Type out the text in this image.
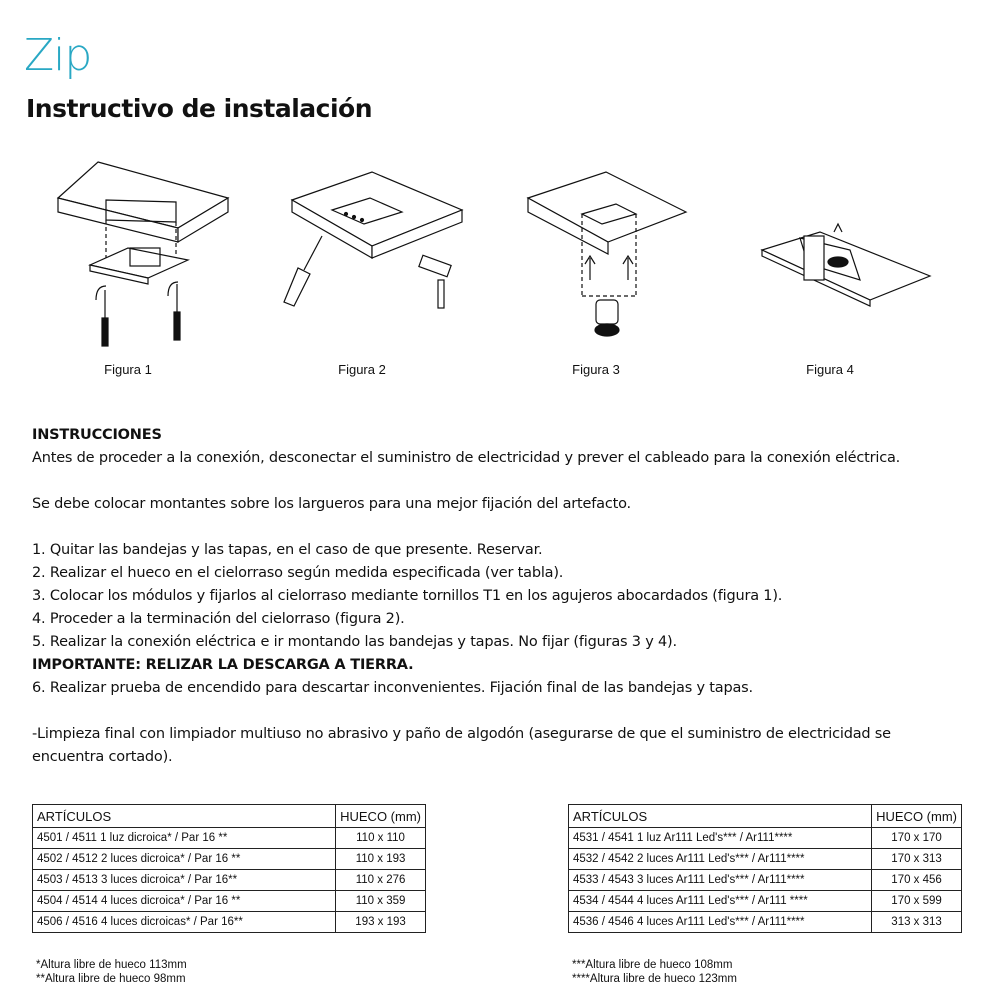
Zip
Instructivo de instalación
Figura 1	Figura 2	Figura 3	Figura 4

INSTRUCCIONES

Antes de proceder a la conexión, desconectar el suministro de electricidad y prever el cableado para la conexión eléctrica.

Se debe colocar montantes sobre los largueros para una mejor fijación del artefacto.

1. Quitar las bandejas y las tapas, en el caso de que presente. Reservar.

2. Realizar el hueco en el cielorraso según medida especificada (ver tabla).

3. Colocar los módulos y fijarlos al cielorraso mediante tornillos T1 en los agujeros abocardados (figura 1).

4. Proceder a la terminación del cielorraso (figura 2).

5. Realizar la conexión eléctrica e ir montando las bandejas y tapas. No fijar (figuras 3 y 4).

IMPORTANTE: RELIZAR LA DESCARGA A TIERRA.

6. Realizar prueba de encendido para descartar inconvenientes. Fijación final de las bandejas y tapas.

-Limpieza final con limpiador multiuso no abrasivo y paño de algodón (asegurarse de que el suministro de electricidad se

encuentra cortado).

ARTÍCULOS	HUECO (mm)
4501 / 4511 1 luz dicroica* / Par 16 **	110 x 110
4502 / 4512 2 luces dicroica* / Par 16 **	110 x 193
4503 / 4513 3 luces dicroica* / Par 16**	110 x 276
4504 / 4514 4 luces dicroica* / Par 16 **	110 x 359
4506 / 4516 4 luces dicroicas* / Par 16**	193 x 193
ARTÍCULOS	HUECO (mm)
4531 / 4541 1 luz Ar111 Led's*** / Ar111****	170 x 170
4532 / 4542 2 luces Ar111 Led's*** / Ar111****	170 x 313
4533 / 4543 3 luces Ar111 Led's*** / Ar111****	170 x 456
4534 / 4544 4 luces Ar111 Led's*** / Ar111 ****	170 x 599
4536 / 4546 4 luces Ar111 Led's*** / Ar111****	313 x 313
*Altura libre de hueco 113mm
**Altura libre de hueco 98mm
***Altura libre de hueco 108mm
****Altura libre de hueco 123mm
